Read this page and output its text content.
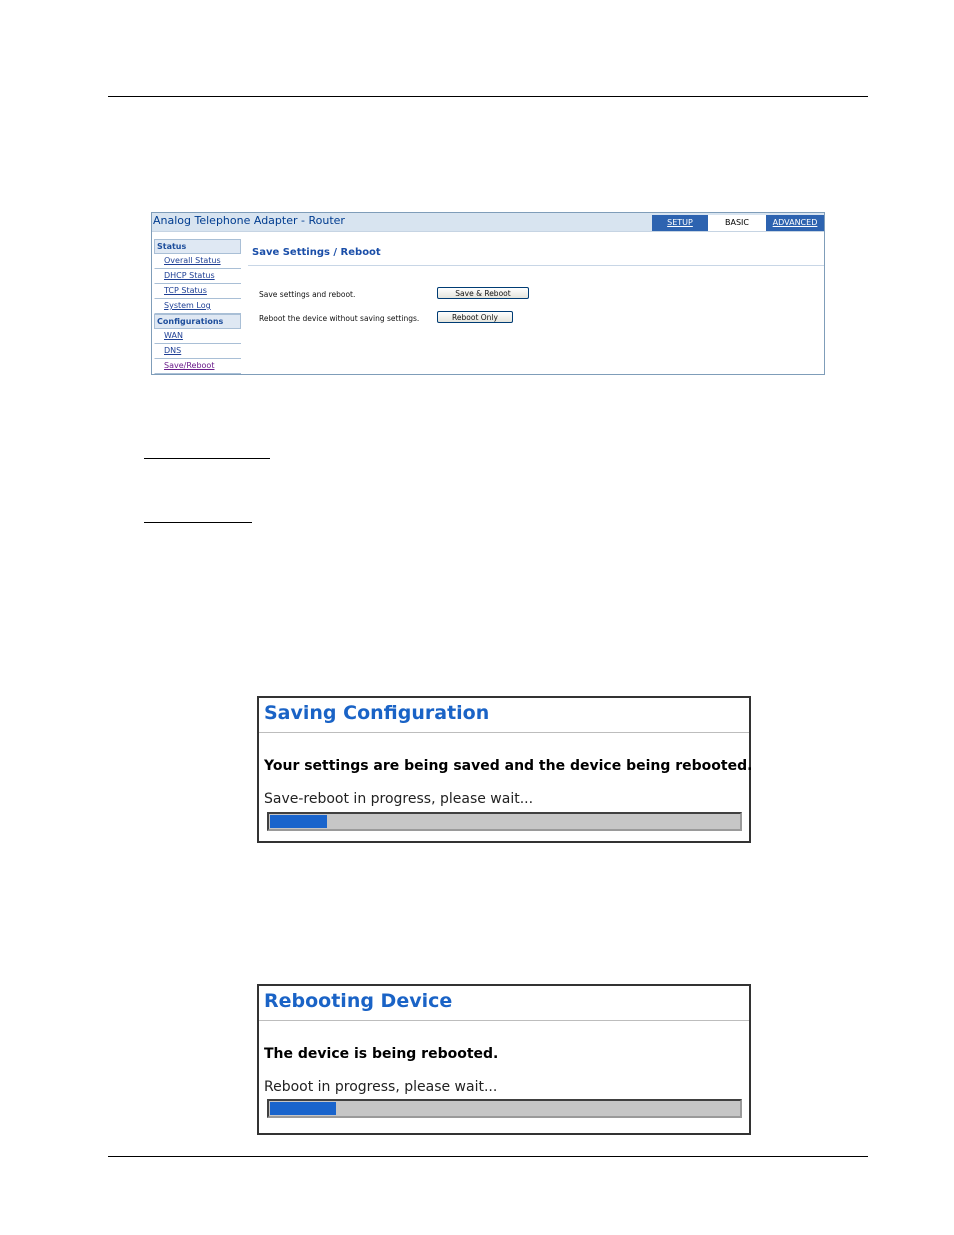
Analog Telephone Adapter - Router	SETUP	BASIC	ADVANCED
Status
Overall Status
DHCP Status
TCP Status
System Log
Configurations
WAN
DNS
Save/Reboot
Save Settings / Reboot
Save settings and reboot.	Save & Reboot
Reboot the device without saving settings.	Reboot Only
Saving Configuration
Your settings are being saved and the device being rebooted.
Save-reboot in progress, please wait...
Rebooting Device
The device is being rebooted.
Reboot in progress, please wait...
